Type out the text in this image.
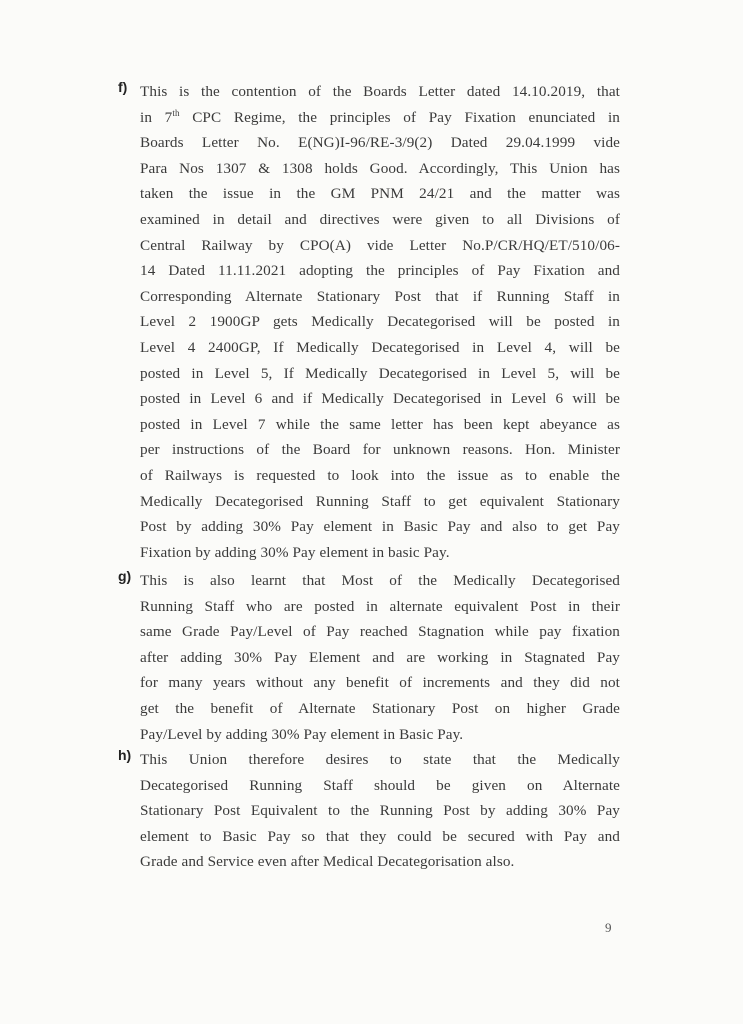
f) This is the contention of the Boards Letter dated 14.10.2019, that
in 7th CPC Regime, the principles of Pay Fixation enunciated in
Boards Letter No. E(NG)I-96/RE-3/9(2) Dated 29.04.1999 vide
Para Nos 1307 & 1308 holds Good. Accordingly, This Union has
taken the issue in the GM PNM 24/21 and the matter was
examined in detail and directives were given to all Divisions of
Central Railway by CPO(A) vide Letter No.P/CR/HQ/ET/510/06-
14 Dated 11.11.2021 adopting the principles of Pay Fixation and
Corresponding Alternate Stationary Post that if Running Staff in
Level 2 1900GP gets Medically Decategorised will be posted in
Level 4 2400GP, If Medically Decategorised in Level 4, will be
posted in Level 5, If Medically Decategorised in Level 5, will be
posted in Level 6 and if Medically Decategorised in Level 6 will be
posted in Level 7 while the same letter has been kept abeyance as
per instructions of the Board for unknown reasons. Hon. Minister
of Railways is requested to look into the issue as to enable the
Medically Decategorised Running Staff to get equivalent Stationary
Post by adding 30% Pay element in Basic Pay and also to get Pay
Fixation by adding 30% Pay element in basic Pay.
g) This is also learnt that Most of the Medically Decategorised
Running Staff who are posted in alternate equivalent Post in their
same Grade Pay/Level of Pay reached Stagnation while pay fixation
after adding 30% Pay Element and are working in Stagnated Pay
for many years without any benefit of increments and they did not
get the benefit of Alternate Stationary Post on higher Grade
Pay/Level by adding 30% Pay element in Basic Pay.
h) This Union therefore desires to state that the Medically
Decategorised Running Staff should be given on Alternate
Stationary Post Equivalent to the Running Post by adding 30% Pay
element to Basic Pay so that they could be secured with Pay and
Grade and Service even after Medical Decategorisation also.
9
